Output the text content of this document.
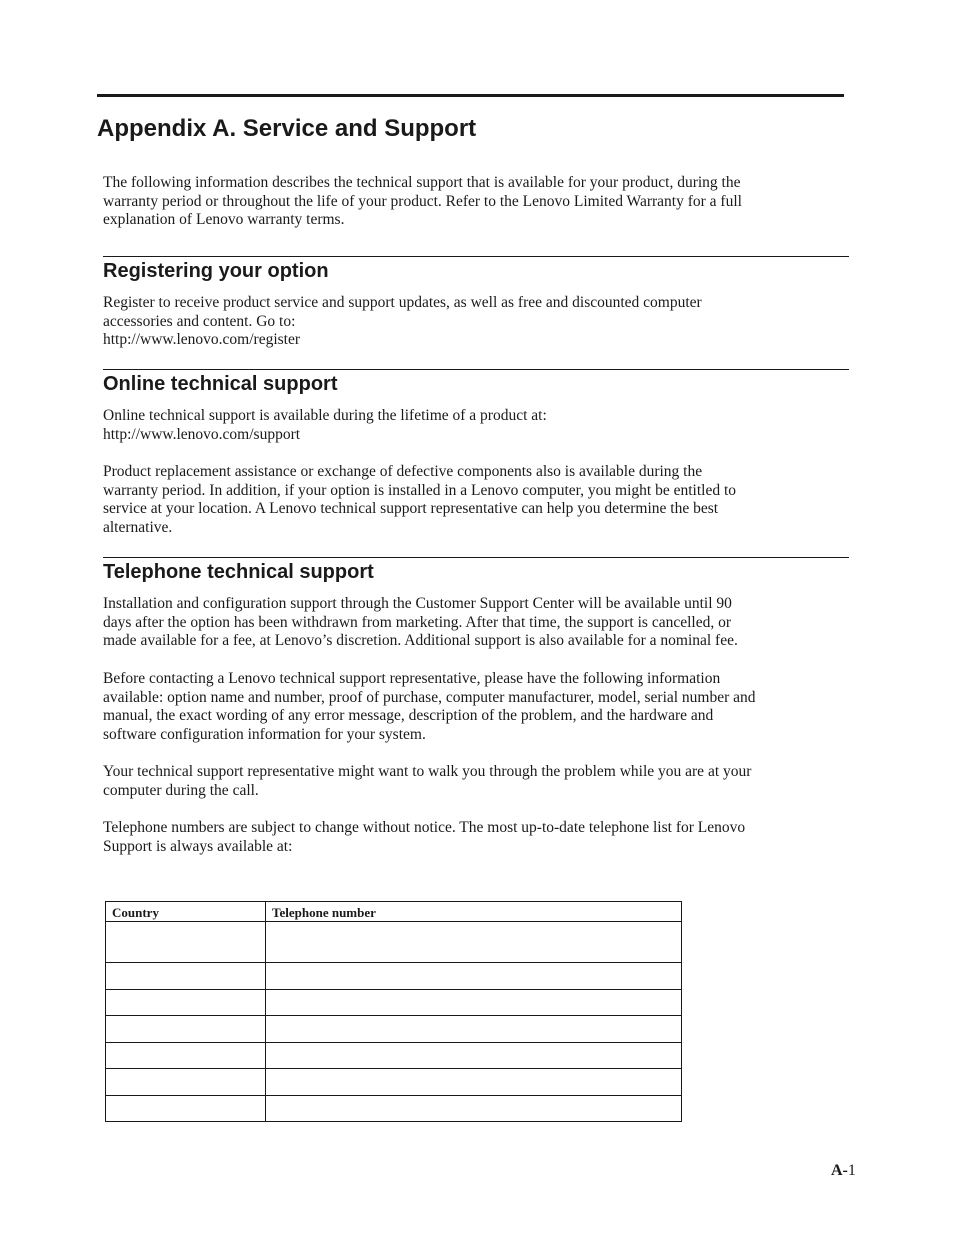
Appendix A. Service and Support

The following information describes the technical support that is available for your product, during the
warranty period or throughout the life of your product. Refer to the Lenovo Limited Warranty for a full
explanation of Lenovo warranty terms.

Registering your option

Register to receive product service and support updates, as well as free and discounted computer
accessories and content. Go to:
http://www.lenovo.com/register

Online technical support

Online technical support is available during the lifetime of a product at:
http://www.lenovo.com/support

Product replacement assistance or exchange of defective components also is available during the
warranty period. In addition, if your option is installed in a Lenovo computer, you might be entitled to
service at your location. A Lenovo technical support representative can help you determine the best
alternative.

Telephone technical support

Installation and configuration support through the Customer Support Center will be available until 90
days after the option has been withdrawn from marketing. After that time, the support is cancelled, or
made available for a fee, at Lenovo’s discretion. Additional support is also available for a nominal fee.

Before contacting a Lenovo technical support representative, please have the following information
available: option name and number, proof of purchase, computer manufacturer, model, serial number and
manual, the exact wording of any error message, description of the problem, and the hardware and
software configuration information for your system.

Your technical support representative might want to walk you through the problem while you are at your
computer during the call.

Telephone numbers are subject to change without notice. The most up-to-date telephone list for Lenovo
Support is always available at:

Country	Telephone number

A-1
